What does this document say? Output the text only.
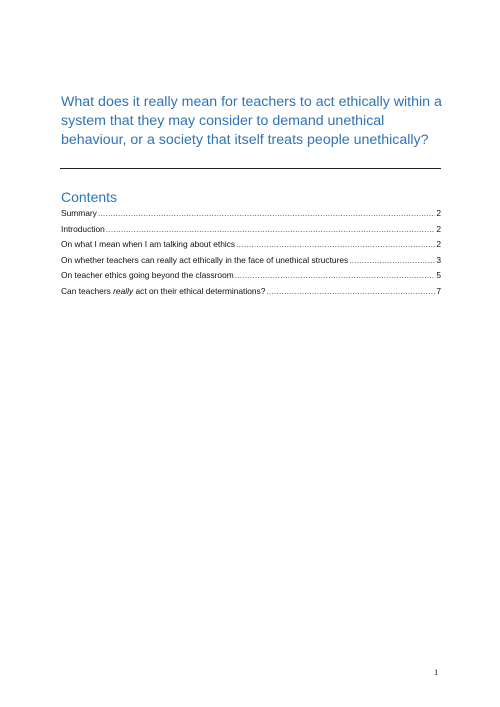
What does it really mean for teachers to act ethically within a system that they may consider to demand unethical behaviour, or a society that itself treats people unethically?
Contents
Summary .....	2
Introduction .....	2
On what I mean when I am talking about ethics .....	2
On whether teachers can really act ethically in the face of unethical structures .....	3
On teacher ethics going beyond the classroom .....	5
Can teachers really act on their ethical determinations? .....	7
1
